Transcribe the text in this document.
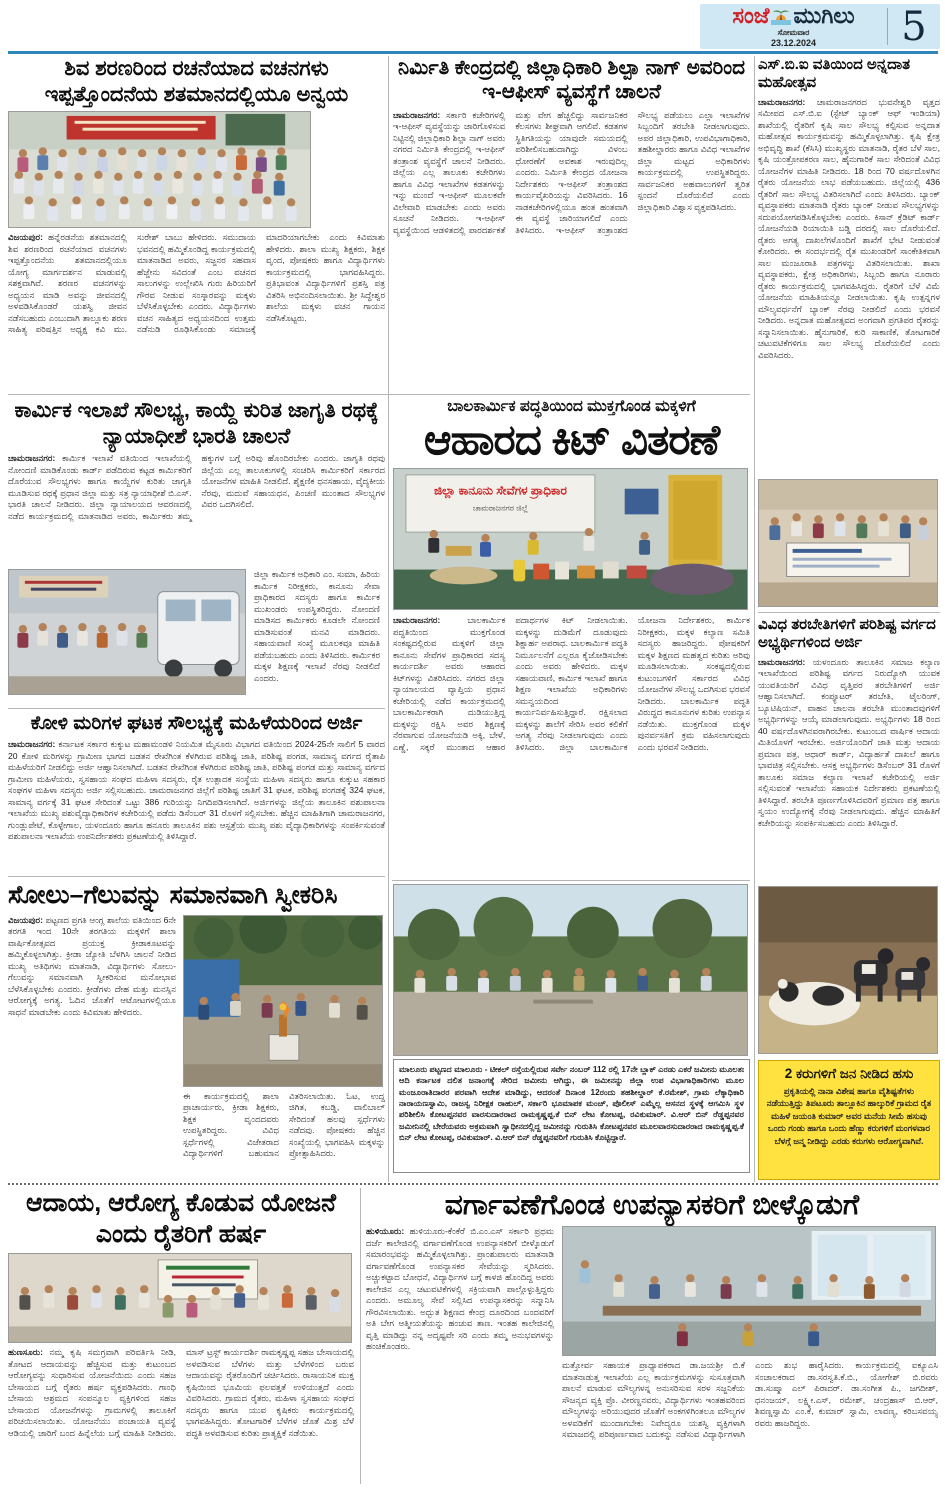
ಸಂಜೆ ಮುಗಿಲು
ಸೋಮವಾರ
23.12.2024	5
ಶಿವ ಶರಣರಿಂದ ರಚನೆಯಾದ ವಚನಗಳು ಇಪ್ಪತ್ತೊಂದನೆಯ ಶತಮಾನದಲ್ಲಿಯೂ ಅನ್ವಯ

ವಿಜಯಪುರ: ಹನ್ನೆರಡನೆಯ ಶತಮಾನದಲ್ಲಿ ಶಿವ ಶರಣರಿಂದ ರಚನೆಯಾದ ವಚನಗಳು ಇಪ್ಪತ್ತೊಂದನೆಯ ಶತಮಾನದಲ್ಲಿಯೂ ಯೋಗ್ಯ ಮಾರ್ಗದರ್ಶನ ಮಾಡುವಲ್ಲಿ ಸಶಕ್ತವಾಗಿವೆ. ಶರಣರ ವಚನಗಳನ್ನು ಅಧ್ಯಯನ ಮಾಡಿ ಅವನ್ನು ಜೀವನದಲ್ಲಿ ಅಳವಡಿಸಿಕೊಂಡರೆ ಯಶಸ್ವಿ ಜೀವನ ನಡೆಸಬಹುದು ಎಂಬುದಾಗಿ ತಾಲ್ಲೂಕು ಶರಣ ಸಾಹಿತ್ಯ ಪರಿಷತ್ತಿನ ಅಧ್ಯಕ್ಷ ಕವಿ ಮು. ಸುರೇಶ್ ಬಾಬು ಹೇಳಿದರು. ಸಮುದಾಯ ಭವನದಲ್ಲಿ ಹಮ್ಮಿಕೊಂಡಿದ್ದ ಕಾರ್ಯಕ್ರಮದಲ್ಲಿ ಮಾತನಾಡಿದ ಅವರು, ಸಜ್ಜನರ ಸಹವಾಸ ಹೆಜ್ಜೇನು ಸವಿದಂತೆ ಎಂಬ ವಚನದ ಸಾಲುಗಳನ್ನು ಉಲ್ಲೇಖಿಸಿ ಗುರು ಹಿರಿಯರಿಗೆ ಗೌರವ ನೀಡುವ ಸಂಸ್ಕಾರವನ್ನು ಮಕ್ಕಳು ಬೆಳೆಸಿಕೊಳ್ಳಬೇಕು ಎಂದರು. ವಿದ್ಯಾರ್ಥಿಗಳು ವಚನ ಸಾಹಿತ್ಯದ ಅಧ್ಯಯನದಿಂದ ಉತ್ತಮ ನಡೆನುಡಿ ರೂಢಿಸಿಕೊಂಡು ಸಮಾಜಕ್ಕೆ ಮಾದರಿಯಾಗಬೇಕು ಎಂದು ಕಿವಿಮಾತು ಹೇಳಿದರು. ಶಾಲಾ ಮುಖ್ಯ ಶಿಕ್ಷಕರು, ಶಿಕ್ಷಕ ವೃಂದ, ಪೋಷಕರು ಹಾಗೂ ವಿದ್ಯಾರ್ಥಿಗಳು ಕಾರ್ಯಕ್ರಮದಲ್ಲಿ ಭಾಗವಹಿಸಿದ್ದರು. ಪ್ರತಿಭಾವಂತ ವಿದ್ಯಾರ್ಥಿಗಳಿಗೆ ಪ್ರಶಸ್ತಿ ಪತ್ರ ವಿತರಿಸಿ ಅಭಿನಂದಿಸಲಾಯಿತು. ಶ್ರೀ ಸಿದ್ಧೇಶ್ವರ ಶಾಲೆಯ ಮಕ್ಕಳು ವಚನ ಗಾಯನ ನಡೆಸಿಕೊಟ್ಟರು.

ನಿರ್ಮಿತಿ ಕೇಂದ್ರದಲ್ಲಿ ಜಿಲ್ಲಾಧಿಕಾರಿ ಶಿಲ್ಪಾ ನಾಗ್ ಅವರಿಂದ ಇ-ಆಫೀಸ್ ವ್ಯವಸ್ಥೆಗೆ ಚಾಲನೆ

ಚಾಮರಾಜನಗರ: ಸರ್ಕಾರಿ ಕಚೇರಿಗಳಲ್ಲಿ ಇ-ಆಫೀಸ್ ವ್ಯವಸ್ಥೆಯನ್ನು ಜಾರಿಗೊಳಿಸುವ ನಿಟ್ಟಿನಲ್ಲಿ ಜಿಲ್ಲಾಧಿಕಾರಿ ಶಿಲ್ಪಾ ನಾಗ್ ಅವರು ನಗರದ ನಿರ್ಮಿತಿ ಕೇಂದ್ರದಲ್ಲಿ ಇ-ಆಫೀಸ್ ತಂತ್ರಾಂಶ ವ್ಯವಸ್ಥೆಗೆ ಚಾಲನೆ ನೀಡಿದರು. ಜಿಲ್ಲೆಯ ಎಲ್ಲ ತಾಲೂಕು ಕಚೇರಿಗಳು ಹಾಗೂ ವಿವಿಧ ಇಲಾಖೆಗಳ ಕಡತಗಳನ್ನು ಇನ್ನು ಮುಂದೆ ಇ-ಆಫೀಸ್ ಮೂಲಕವೇ ವಿಲೇವಾರಿ ಮಾಡಬೇಕು ಎಂದು ಅವರು ಸೂಚನೆ ನೀಡಿದರು. ಇ-ಆಫೀಸ್ ವ್ಯವಸ್ಥೆಯಿಂದ ಆಡಳಿತದಲ್ಲಿ ಪಾರದರ್ಶಕತೆ ಮತ್ತು ವೇಗ ಹೆಚ್ಚಲಿದ್ದು ಸಾರ್ವಜನಿಕರ ಕೆಲಸಗಳು ಶೀಘ್ರವಾಗಿ ಆಗಲಿವೆ. ಕಡತಗಳ ಸ್ಥಿತಿಗತಿಯನ್ನು ಯಾವುದೇ ಸಮಯದಲ್ಲಿ ಪರಿಶೀಲಿಸಬಹುದಾಗಿದ್ದು ವಿಳಂಬ ಧೋರಣೆಗೆ ಅವಕಾಶ ಇರುವುದಿಲ್ಲ ಎಂದರು. ನಿರ್ಮಿತಿ ಕೇಂದ್ರದ ಯೋಜನಾ ನಿರ್ದೇಶಕರು ಇ-ಆಫೀಸ್ ತಂತ್ರಾಂಶದ ಕಾರ್ಯವೈಖರಿಯನ್ನು ವಿವರಿಸಿದರು. 16 ನಾಡಕಚೇರಿಗಳಲ್ಲಿಯೂ ಹಂತ ಹಂತವಾಗಿ ಈ ವ್ಯವಸ್ಥೆ ಜಾರಿಯಾಗಲಿದೆ ಎಂದು ತಿಳಿಸಿದರು. ಇ-ಆಫೀಸ್ ತಂತ್ರಾಂಶದ ಸೌಲಭ್ಯ ಪಡೆಯಲು ಎಲ್ಲಾ ಇಲಾಖೆಗಳ ಸಿಬ್ಬಂದಿಗೆ ತರಬೇತಿ ನೀಡಲಾಗುವುದು. ಅಪರ ಜಿಲ್ಲಾಧಿಕಾರಿ, ಉಪವಿಭಾಗಾಧಿಕಾರಿ, ತಹಶೀಲ್ದಾರರು ಹಾಗೂ ವಿವಿಧ ಇಲಾಖೆಗಳ ಜಿಲ್ಲಾ ಮಟ್ಟದ ಅಧಿಕಾರಿಗಳು ಕಾರ್ಯಕ್ರಮದಲ್ಲಿ ಉಪಸ್ಥಿತರಿದ್ದರು. ಸಾರ್ವಜನಿಕರ ಅಹವಾಲುಗಳಿಗೆ ತ್ವರಿತ ಸ್ಪಂದನೆ ದೊರೆಯಲಿದೆ ಎಂದು ಜಿಲ್ಲಾಧಿಕಾರಿ ವಿಶ್ವಾಸ ವ್ಯಕ್ತಪಡಿಸಿದರು.

ಎಸ್.ಬಿ.ಐ ವತಿಯಿಂದ ಅನ್ನದಾತ ಮಹೋತ್ಸವ

ಚಾಮರಾಜನಗರ: ಚಾಮರಾಜನಗರದ ಭುವನೇಶ್ವರಿ ವೃತ್ತದ ಸಮೀಪದ ಎಸ್.ಬಿ.ಐ (ಸ್ಟೇಟ್ ಬ್ಯಾಂಕ್ ಆಫ್ ಇಂಡಿಯಾ) ಶಾಖೆಯಲ್ಲಿ ರೈತರಿಗೆ ಕೃಷಿ ಸಾಲ ಸೌಲಭ್ಯ ಕಲ್ಪಿಸುವ ಅನ್ನದಾತ ಮಹೋತ್ಸವ ಕಾರ್ಯಕ್ರಮವನ್ನು ಹಮ್ಮಿಕೊಳ್ಳಲಾಗಿತ್ತು. ಕೃಷಿ ಕ್ಷೇತ್ರ ಅಭಿವೃದ್ಧಿ ಶಾಖೆ (ಕೆಸಿಸಿ) ಮುಖ್ಯಸ್ಥರು ಮಾತನಾಡಿ, ರೈತರ ಬೆಳೆ ಸಾಲ, ಕೃಷಿ ಯಂತ್ರೋಪಕರಣ ಸಾಲ, ಹೈನುಗಾರಿಕೆ ಸಾಲ ಸೇರಿದಂತೆ ವಿವಿಧ ಯೋಜನೆಗಳ ಮಾಹಿತಿ ನೀಡಿದರು. 18 ರಿಂದ 70 ವರ್ಷದೊಳಗಿನ ರೈತರು ಯೋಜನೆಯ ಲಾಭ ಪಡೆಯಬಹುದು. ಜಿಲ್ಲೆಯಲ್ಲಿ 436 ರೈತರಿಗೆ ಸಾಲ ಸೌಲಭ್ಯ ವಿತರಿಸಲಾಗಿದೆ ಎಂದು ತಿಳಿಸಿದರು. ಬ್ಯಾಂಕ್ ವ್ಯವಸ್ಥಾಪಕರು ಮಾತನಾಡಿ ರೈತರು ಬ್ಯಾಂಕ್ ನೀಡುವ ಸೌಲಭ್ಯಗಳನ್ನು ಸದುಪಯೋಗಪಡಿಸಿಕೊಳ್ಳಬೇಕು ಎಂದರು. ಕಿಸಾನ್ ಕ್ರೆಡಿಟ್ ಕಾರ್ಡ್ ಯೋಜನೆಯಡಿ ರಿಯಾಯಿತಿ ಬಡ್ಡಿ ದರದಲ್ಲಿ ಸಾಲ ದೊರೆಯಲಿದೆ. ರೈತರು ಅಗತ್ಯ ದಾಖಲೆಗಳೊಂದಿಗೆ ಶಾಖೆಗೆ ಭೇಟಿ ನೀಡುವಂತೆ ಕೋರಿದರು. ಈ ಸಂದರ್ಭದಲ್ಲಿ ರೈತ ಮುಖಂಡರಿಗೆ ಸಾಂಕೇತಿಕವಾಗಿ ಸಾಲ ಮಂಜೂರಾತಿ ಪತ್ರಗಳನ್ನು ವಿತರಿಸಲಾಯಿತು. ಶಾಖಾ ವ್ಯವಸ್ಥಾಪಕರು, ಕ್ಷೇತ್ರ ಅಧಿಕಾರಿಗಳು, ಸಿಬ್ಬಂದಿ ಹಾಗೂ ನೂರಾರು ರೈತರು ಕಾರ್ಯಕ್ರಮದಲ್ಲಿ ಭಾಗವಹಿಸಿದ್ದರು. ರೈತರಿಗೆ ಬೆಳೆ ವಿಮೆ ಯೋಜನೆಯ ಮಾಹಿತಿಯನ್ನೂ ನೀಡಲಾಯಿತು. ಕೃಷಿ ಉತ್ಪನ್ನಗಳ ಮೌಲ್ಯವರ್ಧನೆಗೆ ಬ್ಯಾಂಕ್ ನೆರವು ನೀಡಲಿದೆ ಎಂದು ಭರವಸೆ ನೀಡಿದರು. ಅನ್ನದಾತ ಮಹೋತ್ಸವದ ಅಂಗವಾಗಿ ಪ್ರಗತಿಪರ ರೈತರನ್ನು ಸನ್ಮಾನಿಸಲಾಯಿತು. ಹೈನುಗಾರಿಕೆ, ಕುರಿ ಸಾಕಾಣಿಕೆ, ತೋಟಗಾರಿಕೆ ಚಟುವಟಿಕೆಗಳಿಗೂ ಸಾಲ ಸೌಲಭ್ಯ ದೊರೆಯಲಿದೆ ಎಂದು ವಿವರಿಸಿದರು.

ಕಾರ್ಮಿಕ ಇಲಾಖೆ ಸೌಲಭ್ಯ, ಕಾಯ್ದೆ ಕುರಿತ ಜಾಗೃತಿ ರಥಕ್ಕೆ ನ್ಯಾಯಾಧೀಶೆ ಭಾರತಿ ಚಾಲನೆ

ಚಾಮರಾಜನಗರ: ಕಾರ್ಮಿಕ ಇಲಾಖೆ ವತಿಯಿಂದ ಇಲಾಖೆಯಲ್ಲಿ ನೋಂದಣಿ ಮಾಡಿಕೊಂಡು ಕಾರ್ಡ್ ಪಡೆದಿರುವ ಕಟ್ಟಡ ಕಾರ್ಮಿಕರಿಗೆ ದೊರೆಯುವ ಸೌಲಭ್ಯಗಳು ಹಾಗೂ ಕಾಯ್ದೆಗಳ ಕುರಿತು ಜಾಗೃತಿ ಮೂಡಿಸುವ ರಥಕ್ಕೆ ಪ್ರಧಾನ ಜಿಲ್ಲಾ ಮತ್ತು ಸತ್ರ ನ್ಯಾಯಾಧೀಶೆ ಬಿ.ಎಸ್. ಭಾರತಿ ಚಾಲನೆ ನೀಡಿದರು. ಜಿಲ್ಲಾ ನ್ಯಾಯಾಲಯದ ಆವರಣದಲ್ಲಿ ನಡೆದ ಕಾರ್ಯಕ್ರಮದಲ್ಲಿ ಮಾತನಾಡಿದ ಅವರು, ಕಾರ್ಮಿಕರು ತಮ್ಮ ಹಕ್ಕುಗಳ ಬಗ್ಗೆ ಅರಿವು ಹೊಂದಿರಬೇಕು ಎಂದರು. ಜಾಗೃತಿ ರಥವು ಜಿಲ್ಲೆಯ ಎಲ್ಲ ತಾಲೂಕುಗಳಲ್ಲಿ ಸಂಚರಿಸಿ ಕಾರ್ಮಿಕರಿಗೆ ಸರ್ಕಾರದ ಯೋಜನೆಗಳ ಮಾಹಿತಿ ನೀಡಲಿದೆ. ಶೈಕ್ಷಣಿಕ ಧನಸಹಾಯ, ವೈದ್ಯಕೀಯ ನೆರವು, ಮದುವೆ ಸಹಾಯಧನ, ಪಿಂಚಣಿ ಮುಂತಾದ ಸೌಲಭ್ಯಗಳ ವಿವರ ಒದಗಿಸಲಿದೆ.

ಜಿಲ್ಲಾ ಕಾರ್ಮಿಕ ಅಧಿಕಾರಿ ಎಂ. ಸುಮಾ, ಹಿರಿಯ ಕಾರ್ಮಿಕ ನಿರೀಕ್ಷಕರು, ಕಾನೂನು ಸೇವಾ ಪ್ರಾಧಿಕಾರದ ಸದಸ್ಯರು ಹಾಗೂ ಕಾರ್ಮಿಕ ಮುಖಂಡರು ಉಪಸ್ಥಿತರಿದ್ದರು. ನೋಂದಣಿ ಮಾಡಿಸದ ಕಾರ್ಮಿಕರು ಕೂಡಲೇ ನೋಂದಣಿ ಮಾಡಿಸುವಂತೆ ಮನವಿ ಮಾಡಿದರು. ಸಹಾಯವಾಣಿ ಸಂಖ್ಯೆ ಮೂಲಕವೂ ಮಾಹಿತಿ ಪಡೆಯಬಹುದು ಎಂದು ತಿಳಿಸಿದರು. ಕಾರ್ಮಿಕರ ಮಕ್ಕಳ ಶಿಕ್ಷಣಕ್ಕೆ ಇಲಾಖೆ ನೆರವು ನೀಡಲಿದೆ ಎಂದರು.

ಬಾಲಕಾರ್ಮಿಕ ಪದ್ಧತಿಯಿಂದ ಮುಕ್ತಗೊಂಡ ಮಕ್ಕಳಿಗೆ

ಆಹಾರದ ಕಿಟ್ ವಿತರಣೆ
ಜಿಲ್ಲಾ ಕಾನೂನು ಸೇವೆಗಳ ಪ್ರಾಧಿಕಾರ
ಚಾಮರಾಜನಗರ ಜಿಲ್ಲೆ

ಚಾಮರಾಜನಗರ:	ಬಾಲಕಾರ್ಮಿಕ ಪದ್ಧತಿಯಿಂದ ಮುಕ್ತಗೊಂಡ ಸಂಕಷ್ಟದಲ್ಲಿರುವ ಮಕ್ಕಳಿಗೆ ಜಿಲ್ಲಾ ಕಾನೂನು ಸೇವೆಗಳ ಪ್ರಾಧಿಕಾರದ ಸದಸ್ಯ ಕಾರ್ಯದರ್ಶಿ ಅವರು ಆಹಾರದ ಕಿಟ್‌ಗಳನ್ನು ವಿತರಿಸಿದರು. ನಗರದ ಜಿಲ್ಲಾ ನ್ಯಾಯಾಲಯದ ವ್ಯಾಪ್ತಿಯ ಪ್ರಧಾನ ಕಚೇರಿಯಲ್ಲಿ ನಡೆದ ಕಾರ್ಯಕ್ರಮದಲ್ಲಿ ಬಾಲಕಾರ್ಮಿಕರಾಗಿ ದುಡಿಯುತ್ತಿದ್ದ ಮಕ್ಕಳನ್ನು ರಕ್ಷಿಸಿ ಅವರ ಶಿಕ್ಷಣಕ್ಕೆ ನೆರವಾಗುವ ಯೋಜನೆಯಡಿ ಅಕ್ಕಿ, ಬೇಳೆ, ಎಣ್ಣೆ, ಸಕ್ಕರೆ ಮುಂತಾದ ಆಹಾರ ಪದಾರ್ಥಗಳ ಕಿಟ್ ನೀಡಲಾಯಿತು. ಮಕ್ಕಳನ್ನು ದುಡಿಮೆಗೆ ದೂಡುವುದು ಶಿಕ್ಷಾರ್ಹ ಅಪರಾಧ. ಬಾಲಕಾರ್ಮಿಕ ಪದ್ಧತಿ ನಿರ್ಮೂಲನೆಗೆ ಎಲ್ಲರೂ ಕೈಜೋಡಿಸಬೇಕು ಎಂದು ಅವರು ಹೇಳಿದರು. ಮಕ್ಕಳ ಸಹಾಯವಾಣಿ, ಕಾರ್ಮಿಕ ಇಲಾಖೆ ಹಾಗೂ ಶಿಕ್ಷಣ ಇಲಾಖೆಯ ಅಧಿಕಾರಿಗಳು ಸಮನ್ವಯದಿಂದ ಕಾರ್ಯನಿರ್ವಹಿಸುತ್ತಿದ್ದಾರೆ. ರಕ್ಷಿಸಲಾದ ಮಕ್ಕಳನ್ನು ಶಾಲೆಗೆ ಸೇರಿಸಿ ಅವರ ಕಲಿಕೆಗೆ ಅಗತ್ಯ ನೆರವು ನೀಡಲಾಗುವುದು ಎಂದು ತಿಳಿಸಿದರು. ಜಿಲ್ಲಾ ಬಾಲಕಾರ್ಮಿಕ ಯೋಜನಾ ನಿರ್ದೇಶಕರು, ಕಾರ್ಮಿಕ ನಿರೀಕ್ಷಕರು, ಮಕ್ಕಳ ಕಲ್ಯಾಣ ಸಮಿತಿ ಸದಸ್ಯರು ಹಾಜರಿದ್ದರು. ಪೋಷಕರಿಗೆ ಮಕ್ಕಳ ಶಿಕ್ಷಣದ ಮಹತ್ವದ ಕುರಿತು ಅರಿವು ಮೂಡಿಸಲಾಯಿತು. ಸಂಕಷ್ಟದಲ್ಲಿರುವ ಕುಟುಂಬಗಳಿಗೆ ಸರ್ಕಾರದ ವಿವಿಧ ಯೋಜನೆಗಳ ಸೌಲಭ್ಯ ಒದಗಿಸುವ ಭರವಸೆ ನೀಡಿದರು. ಬಾಲಕಾರ್ಮಿಕ ಪದ್ಧತಿ ವಿರುದ್ಧದ ಕಾನೂನುಗಳ ಕುರಿತು ಉಪನ್ಯಾಸ ನಡೆಯಿತು. ಮುಕ್ತಗೊಂಡ ಮಕ್ಕಳ ಪುನರ್ವಸತಿಗೆ ಕ್ರಮ ವಹಿಸಲಾಗುವುದು ಎಂದು ಭರವಸೆ ನೀಡಿದರು.

ಕೋಳಿ ಮರಿಗಳ ಘಟಕ ಸೌಲಭ್ಯಕ್ಕೆ ಮಹಿಳೆಯರಿಂದ ಅರ್ಜಿ

ಚಾಮರಾಜನಗರ: ಕರ್ನಾಟಕ ಸರ್ಕಾರ ಕುಕ್ಕುಟ ಮಹಾಮಂಡಳಿ ನಿಯಮಿತ ಮೈಸೂರು ವಿಭಾಗದ ವತಿಯಿಂದ 2024-25ನೇ ಸಾಲಿಗೆ 5 ವಾರದ 20 ಕೋಳಿ ಮರಿಗಳನ್ನು ಗ್ರಾಮೀಣ ಭಾಗದ ಬಡತನ ರೇಖೆಗಿಂತ ಕೆಳಗಿರುವ ಪರಿಶಿಷ್ಟ ಜಾತಿ, ಪರಿಶಿಷ್ಟ ಪಂಗಡ, ಸಾಮಾನ್ಯ ವರ್ಗದ ರೈತಾಪಿ ಮಹಿಳೆಯರಿಗೆ ನೀಡಲಿದ್ದು ಅರ್ಜಿ ಆಹ್ವಾನಿಸಲಾಗಿದೆ. ಬಡತನ ರೇಖೆಗಿಂತ ಕೆಳಗಿರುವ ಪರಿಶಿಷ್ಟ ಜಾತಿ, ಪರಿಶಿಷ್ಟ ಪಂಗಡ ಮತ್ತು ಸಾಮಾನ್ಯ ವರ್ಗದ ಗ್ರಾಮೀಣ ಮಹಿಳೆಯರು, ಸ್ವಸಹಾಯ ಸಂಘದ ಮಹಿಳಾ ಸದಸ್ಯರು, ರೈತ ಉತ್ಪಾದಕ ಸಂಸ್ಥೆಯ ಮಹಿಳಾ ಸದಸ್ಯರು ಹಾಗೂ ಕುಕ್ಕುಟ ಸಹಕಾರ ಸಂಘಗಳ ಮಹಿಳಾ ಸದಸ್ಯರು ಅರ್ಜಿ ಸಲ್ಲಿಸಬಹುದು. ಚಾಮರಾಜನಗರ ಜಿಲ್ಲೆಗೆ ಪರಿಶಿಷ್ಟ ಜಾತಿಗೆ 31 ಘಟಕ, ಪರಿಶಿಷ್ಟ ಪಂಗಡಕ್ಕೆ 324 ಘಟಕ, ಸಾಮಾನ್ಯ ವರ್ಗಕ್ಕೆ 31 ಘಟಕ ಸೇರಿದಂತೆ ಒಟ್ಟು 386 ಗುರಿಯನ್ನು ನಿಗದಿಪಡಿಸಲಾಗಿದೆ. ಅರ್ಜಿಗಳನ್ನು ಜಿಲ್ಲೆಯ ತಾಲೂಕಿನ ಪಶುಪಾಲನಾ ಇಲಾಖೆಯ ಮುಖ್ಯ ಪಶುವೈದ್ಯಾಧಿಕಾರಿಗಳ ಕಚೇರಿಯಲ್ಲಿ ಪಡೆದು ಡಿಸೆಂಬರ್ 31 ರೊಳಗೆ ಸಲ್ಲಿಸಬೇಕು. ಹೆಚ್ಚಿನ ಮಾಹಿತಿಗಾಗಿ ಚಾಮರಾಜನಗರ, ಗುಂಡ್ಲುಪೇಟೆ, ಕೊಳ್ಳೇಗಾಲ, ಯಳಂದೂರು ಹಾಗೂ ಹನೂರು ತಾಲೂಕಿನ ಪಶು ಆಸ್ಪತ್ರೆಯ ಮುಖ್ಯ ಪಶು ವೈದ್ಯಾಧಿಕಾರಿಗಳನ್ನು ಸಂಪರ್ಕಿಸುವಂತೆ ಪಶುಪಾಲನಾ ಇಲಾಖೆಯ ಉಪನಿರ್ದೇಶಕರು ಪ್ರಕಟಣೆಯಲ್ಲಿ ತಿಳಿಸಿದ್ದಾರೆ.

ಸೋಲು–ಗೆಲುವನ್ನು ಸಮಾನವಾಗಿ ಸ್ವೀಕರಿಸಿ

ವಿಜಯಪುರ: ಪಟ್ಟಣದ ಪ್ರಗತಿ ಆಂಗ್ಲ ಶಾಲೆಯ ವತಿಯಿಂದ 6ನೇ ತರಗತಿ ಇಂದ 10ನೇ ತರಗತಿಯ ಮಕ್ಕಳಿಗೆ ಶಾಲಾ ವಾರ್ಷಿಕೋತ್ಸವದ ಪ್ರಯುಕ್ತ ಕ್ರೀಡಾಕೂಟವನ್ನು ಹಮ್ಮಿಕೊಳ್ಳಲಾಗಿತ್ತು. ಕ್ರೀಡಾ ಜ್ಯೋತಿ ಬೆಳಗಿಸಿ ಚಾಲನೆ ನೀಡಿದ ಮುಖ್ಯ ಅತಿಥಿಗಳು ಮಾತನಾಡಿ, ವಿದ್ಯಾರ್ಥಿಗಳು ಸೋಲು-ಗೆಲುವನ್ನು ಸಮಾನವಾಗಿ ಸ್ವೀಕರಿಸುವ ಮನೋಭಾವ ಬೆಳೆಸಿಕೊಳ್ಳಬೇಕು ಎಂದರು. ಕ್ರೀಡೆಗಳು ದೇಹ ಮತ್ತು ಮನಸ್ಸಿನ ಆರೋಗ್ಯಕ್ಕೆ ಅಗತ್ಯ. ಓದಿನ ಜೊತೆಗೆ ಆಟೋಟಗಳಲ್ಲಿಯೂ ಸಾಧನೆ ಮಾಡಬೇಕು ಎಂದು ಕಿವಿಮಾತು ಹೇಳಿದರು.

ಈ ಕಾರ್ಯಕ್ರಮದಲ್ಲಿ ಶಾಲಾ ಪ್ರಾಚಾರ್ಯರು, ಕ್ರೀಡಾ ಶಿಕ್ಷಕರು, ಶಿಕ್ಷಕ ವೃಂದದವರು ಉಪಸ್ಥಿತರಿದ್ದರು. ವಿವಿಧ ಸ್ಪರ್ಧೆಗಳಲ್ಲಿ ವಿಜೇತರಾದ ವಿದ್ಯಾರ್ಥಿಗಳಿಗೆ ಬಹುಮಾನ ವಿತರಿಸಲಾಯಿತು. ಓಟ, ಉದ್ದ ಜಿಗಿತ, ಕಬಡ್ಡಿ, ವಾಲಿಬಾಲ್ ಸೇರಿದಂತೆ ಹಲವು ಸ್ಪರ್ಧೆಗಳು ನಡೆದವು. ಪೋಷಕರು ಹೆಚ್ಚಿನ ಸಂಖ್ಯೆಯಲ್ಲಿ ಭಾಗವಹಿಸಿ ಮಕ್ಕಳನ್ನು ಪ್ರೋತ್ಸಾಹಿಸಿದರು.

ಮಾಲೂರು ಪಟ್ಟಣದ ಮಾಲೂರು - ಟೀಕಲ್ ರಸ್ತೆಯಲ್ಲಿರುವ ಸರ್ವೇ ನಂಬರ್ 112 ರಲ್ಲಿ 17ನೇ ಬ್ಲಾಕ್ ಎರಡು ಎಕರೆ ಜಮೀನು ಮೂಲತಃ ಆದಿ ಕರ್ನಾಟಕ ದಲಿತ ಜನಾಂಗಕ್ಕೆ ಸೇರಿದ ಜಮೀನು ಆಗಿದ್ದು, ಈ ಜಮೀನನ್ನು ಜಿಲ್ಲಾ ಉಪ ವಿಭಾಗಾಧಿಕಾರಿಗಳು ಮೂಲ ಮಂಜೂರಾತಿದಾರರ ಪರವಾಗಿ ಆದೇಶ ಮಾಡಿದ್ದು, ಆದರಂತೆ ದಿನಾಂಕ 12ರಂದು ತಹಶೀಲ್ದಾರ್ ಕೆ.ರಮೇಶ್, ಗ್ರಾಮ ಲೆಕ್ಕಾಧಿಕಾರಿ ನಾರಾಯಣಸ್ವಾಮಿ, ರಾಜಸ್ವ ನಿರೀಕ್ಷಕ ರಾಹುಲ್, ಸರ್ಕಾರಿ ಭೂಮಾಪಕ ಮಂಚ್, ಪೊಲೀಸ್ ಎಮ್ಮೆಲ್ಲ ಆಸನದ ಸ್ಥಳಕ್ಕೆ ಆಗಮಿಸಿ ಸ್ಥಳ ಪರಿಶೀಲಿಸಿ ಕೋಟಪ್ಪನವರ ವಾರಸುದಾರರಾದ ರಾಮಕೃಷ್ಣಪ್ಪ.ಕೆ ಬಿನ್ ಲೇಟ ಕೋಟಪ್ಪ, ರವಿಕುಮಾರ್. ವಿ.ಆರ್ ಬಿನ್ ರೆಡ್ಡಪ್ಪನವರ ಜಮೀನಿನಲ್ಲಿ ಬೇರೆಯವರು ಅಕ್ರಮವಾಗಿ ಸ್ವಾಧೀನದಲ್ಲಿದ್ದ ಜಮೀನನ್ನು ಗುರುತಿಸಿ ಕೋಟಪ್ಪನವರ ಮೂಲವಾರಸುದಾರರಾದ ರಾಮಕೃಷ್ಣಪ್ಪ.ಕೆ ಬಿನ್ ಲೇಟ ಕೋಟಪ್ಪ, ರವಿಕುಮಾರ್. ವಿ.ಆರ್ ಬಿನ್ ರೆಡ್ಡಪ್ಪನವರಿಗೆ ಗುರುತಿಸಿ ಕೊಟ್ಟಿದ್ದಾರೆ.

ವಿವಿಧ ತರಬೇತಿಗಳಿಗೆ ಪರಿಶಿಷ್ಟ ವರ್ಗದ ಅಭ್ಯರ್ಥಿಗಳಿಂದ ಅರ್ಜಿ

ಚಾಮರಾಜನಗರ: ಯಳಂದೂರು ತಾಲೂಕಿನ ಸಮಾಜ ಕಲ್ಯಾಣ ಇಲಾಖೆಯಿಂದ ಪರಿಶಿಷ್ಟ ವರ್ಗದ ನಿರುದ್ಯೋಗಿ ಯುವಕ ಯುವತಿಯರಿಗೆ ವಿವಿಧ ವೃತ್ತಿಪರ ತರಬೇತಿಗಳಿಗೆ ಅರ್ಜಿ ಆಹ್ವಾನಿಸಲಾಗಿದೆ. ಕಂಪ್ಯೂಟರ್ ತರಬೇತಿ, ಟೈಲರಿಂಗ್, ಬ್ಯೂಟಿಷಿಯನ್, ವಾಹನ ಚಾಲನಾ ತರಬೇತಿ ಮುಂತಾದವುಗಳಿಗೆ ಅಭ್ಯರ್ಥಿಗಳನ್ನು ಆಯ್ಕೆ ಮಾಡಲಾಗುವುದು. ಅಭ್ಯರ್ಥಿಗಳು 18 ರಿಂದ 40 ವರ್ಷದೊಳಗಿನವರಾಗಿರಬೇಕು. ಕುಟುಂಬದ ವಾರ್ಷಿಕ ಆದಾಯ ಮಿತಿಯೊಳಗೆ ಇರಬೇಕು. ಅರ್ಜಿಯೊಂದಿಗೆ ಜಾತಿ ಮತ್ತು ಆದಾಯ ಪ್ರಮಾಣ ಪತ್ರ, ಆಧಾರ್ ಕಾರ್ಡ್, ವಿದ್ಯಾರ್ಹತೆ ದಾಖಲೆ ಹಾಗೂ ಭಾವಚಿತ್ರ ಸಲ್ಲಿಸಬೇಕು. ಆಸಕ್ತ ಅಭ್ಯರ್ಥಿಗಳು ಡಿಸೆಂಬರ್ 31 ರೊಳಗೆ ತಾಲೂಕು ಸಮಾಜ ಕಲ್ಯಾಣ ಇಲಾಖೆ ಕಚೇರಿಯಲ್ಲಿ ಅರ್ಜಿ ಸಲ್ಲಿಸುವಂತೆ ಇಲಾಖೆಯ ಸಹಾಯಕ ನಿರ್ದೇಶಕರು ಪ್ರಕಟಣೆಯಲ್ಲಿ ತಿಳಿಸಿದ್ದಾರೆ. ತರಬೇತಿ ಪೂರ್ಣಗೊಳಿಸಿದವರಿಗೆ ಪ್ರಮಾಣ ಪತ್ರ ಹಾಗೂ ಸ್ವಯಂ ಉದ್ಯೋಗಕ್ಕೆ ನೆರವು ನೀಡಲಾಗುವುದು. ಹೆಚ್ಚಿನ ಮಾಹಿತಿಗೆ ಕಚೇರಿಯನ್ನು ಸಂಪರ್ಕಿಸಬಹುದು ಎಂದು ತಿಳಿಸಿದ್ದಾರೆ.

2 ಕರುಗಳಿಗೆ ಜನ ನೀಡಿದ ಹಸು

ಪ್ರಕೃತಿಯಲ್ಲಿ ನಾನಾ ವಿಶೇಷ ಹಾಗೂ ವೈಶಿಷ್ಟತೆಗಳು ನಡೆಯುತ್ತಿದ್ದು ತಿಪಟೂರು ತಾಲ್ಲೂಕಿನ ಹಾಲ್ಕುರಿಕೆ ಗ್ರಾಮದ ರೈತ ಮಹಿಳೆ ಜಯಂತಿ ಕುಮಾರ್ ಅವರ ಮನೆಯ ಸೀಮೆ ಹಸುವು ಒಂದು ಗಂಡು ಹಾಗೂ ಒಂದು ಹೆಣ್ಣು ಕರುಗಳಿಗೆ ಮಂಗಳವಾರ ಬೆಳಗ್ಗೆ ಜನ್ಮ ನೀಡಿದ್ದು ಎರಡು ಕರುಗಳು ಆರೋಗ್ಯವಾಗಿವೆ.

ಆದಾಯ, ಆರೋಗ್ಯ ಕೊಡುವ ಯೋಜನೆ ಎಂದು ರೈತರಿಗೆ ಹರ್ಷ

ಹುಣಸೂರು: ನಮ್ಮ ಕೃಷಿ ಸಮಗ್ರವಾಗಿ ಪರಿವರ್ತಿಸಿ ನೀಡಿ, ತೋಟದ ಆದಾಯವನ್ನು ಹೆಚ್ಚಿಸುವ ಮತ್ತು ಕುಟುಂಬದ ಆರೋಗ್ಯವನ್ನು ಸುಧಾರಿಸುವ ಯೋಜನೆಯಿದು ಎಂದು ಸಹಜ ಬೇಸಾಯದ ಬಗ್ಗೆ ರೈತರು ಹರ್ಷ ವ್ಯಕ್ತಪಡಿಸಿದರು. ಗಾಂಧಿ ಬೇಸಾಯ ಆಶ್ರಮದ ಸಂಪನ್ಮೂಲ ವ್ಯಕ್ತಿಗಳಿಂದ ಸಹಜ ಬೇಸಾಯದ ಯೋಜನೆಗಳನ್ನು ಗ್ರಾಮಗಳಲ್ಲಿ ತಾಲೂಕಿಗೆ ಪರಿಚಯಿಸಲಾಯಿತು. ಯೋಜನೆಯು ಪಂಚಾಯತಿ ವ್ಯವಸ್ಥೆ ಆಡಿಯಲ್ಲಿ ಜಾರಿಗೆ ಬಂದ ಹಿನ್ನೆಲೆಯ ಬಗ್ಗೆ ಮಾಹಿತಿ ನೀಡಿದರು. ಮಾಸ್ ಟ್ರಸ್ಟ್ ಕಾರ್ಯದರ್ಶಿ ರಾಮಕೃಷ್ಣಪ್ಪ ಸಹಜ ಬೇಸಾಯದಲ್ಲಿ ಅಳವಡಿಸುವ ಬೆಳೆಗಳು ಮತ್ತು ಬೆಳೆಗಳಿಂದ ಬರುವ ಆದಾಯವನ್ನು ರೈತರೊಂದಿಗೆ ಚರ್ಚಿಸಿದರು. ರಾಸಾಯನಿಕ ಮುಕ್ತ ಕೃಷಿಯಿಂದ ಭೂಮಿಯ ಫಲವತ್ತತೆ ಉಳಿಯುತ್ತದೆ ಎಂದು ವಿವರಿಸಿದರು. ಗ್ರಾಮದ ರೈತರು, ಮಹಿಳಾ ಸ್ವಸಹಾಯ ಸಂಘದ ಸದಸ್ಯರು ಹಾಗೂ ಯುವ ಕೃಷಿಕರು ಕಾರ್ಯಕ್ರಮದಲ್ಲಿ ಭಾಗವಹಿಸಿದ್ದರು. ತೋಟಗಾರಿಕೆ ಬೆಳೆಗಳ ಜೊತೆ ಮಿಶ್ರ ಬೆಳೆ ಪದ್ಧತಿ ಅಳವಡಿಸುವ ಕುರಿತು ಪ್ರಾತ್ಯಕ್ಷಿಕೆ ನಡೆಯಿತು.

ವರ್ಗಾವಣೆಗೊಂಡ ಉಪನ್ಯಾಸಕರಿಗೆ ಬೀಳ್ಕೊಡುಗೆ

ಹುಳಿಯೂರು: ಹುಳಿಯೂರು-ಕೆಂಕೆರೆ ಬಿ.ಎಂ.ಎಸ್ ಸರ್ಕಾರಿ ಪ್ರಥಮ ದರ್ಜೆ ಕಾಲೇಜಿನಲ್ಲಿ ವರ್ಗಾವಣೆಗೊಂಡ ಉಪನ್ಯಾಸಕರಿಗೆ ಬೀಳ್ಕೊಡುಗೆ ಸಮಾರಂಭವನ್ನು ಹಮ್ಮಿಕೊಳ್ಳಲಾಗಿತ್ತು. ಪ್ರಾಂಶುಪಾಲರು ಮಾತನಾಡಿ ವರ್ಗಾವಣೆಗೊಂಡ ಉಪನ್ಯಾಸಕರ ಸೇವೆಯನ್ನು ಸ್ಮರಿಸಿದರು. ಅಚ್ಚುಕಟ್ಟಾದ ಬೋಧನೆ, ವಿದ್ಯಾರ್ಥಿಗಳ ಬಗ್ಗೆ ಕಾಳಜಿ ಹೊಂದಿದ್ದ ಅವರು ಕಾಲೇಜಿನ ಎಲ್ಲ ಚಟುವಟಿಕೆಗಳಲ್ಲಿ ಸಕ್ರಿಯವಾಗಿ ಪಾಲ್ಗೊಳ್ಳುತ್ತಿದ್ದರು ಎಂದರು. ಅಮೂಲ್ಯ ಸೇವೆ ಸಲ್ಲಿಸಿದ ಉಪನ್ಯಾಸಕರನ್ನು ಸನ್ಮಾನಿಸಿ ಗೌರವಿಸಲಾಯಿತು. ಅದ್ಭುತ ಶಿಕ್ಷಣದ ಕೇಂದ್ರ ದೂರದಿಂದ ಬಂದವರಿಗೆ ಅತಿ ಬೇಗ ಆತ್ಮೀಯತೆಯನ್ನು ಹಂಚುವ ತಾಣ. ಇಂತಹ ಕಾಲೇಜಿನಲ್ಲಿ ವೃತ್ತಿ ಮಾಡಿದ್ದು ನನ್ನ ಅದೃಷ್ಟವೇ ಸರಿ ಎಂದು ತಮ್ಮ ಅನುಭವಗಳನ್ನು ಹಂಚಿಕೊಂಡರು.

ಮತ್ತೋರ್ವ ಸಹಾಯಕ ಪ್ರಾಧ್ಯಾಪಕರಾದ ಡಾ.ಜಯಶ್ರೀ ಬಿ.ಕೆ ಮಾತನಾಡುತ್ತ ಇಲಾಖೆಯ ಎಲ್ಲ ಕಾರ್ಯಕ್ರಮಗಳನ್ನು ಸುಸೂತ್ರವಾಗಿ ಪಾಲನೆ ಮಾಡುವ ಮೌಲ್ಯಗಳನ್ನ ಅನುಸರಿಸುವ ಸರಳ ಸಜ್ಜನಿಕೆಯ ಸೌಜನ್ಯದ ವ್ಯಕ್ತಿ ಪ್ರೊ. ವೀರಣ್ಣನವರು, ವಿದ್ಯಾರ್ಥಿಗಳು ಇಂತಹವರಿಂದ ಮೌಲ್ಯಗಳನ್ನು ಅರಿಯುವುದರ ಜೊತೆಗೆ ಅಂಕಗಳಿಗಿಂತಲೂ ಮೌಲ್ಯಗಳ ಅಳವಡಿಕೆಗೆ ಮುಂದಾಗಬೇಕು ನಿವೇದ್ಯರೂ ಯಶಸ್ವಿ ವ್ಯಕ್ತಿಗಳಾಗಿ ಸಮಾಜದಲ್ಲಿ ಪರಿಪೂರ್ಣವಾದ ಬದುಕನ್ನು ನಡೆಸುವ ವಿದ್ಯಾರ್ಥಿಗಳಾಗಿ ಎಂದು ಶುಭ ಹಾರೈಸಿದರು. ಕಾರ್ಯಕ್ರಮದಲ್ಲಿ ಐಕ್ಯೂಎಸಿ ಸಂಚಾಲಕರಾದ ಡಾ.ಸರಸ್ವತಿ.ಕೆ.ಬಿ., ಯೋಗೇಶ್ ಬಿ.ರವರು ಡಾ.ಸುಷ್ಮಾ ಎಲ್ ಪಿರಾದರ್. ಡಾ.ಸಂಗೀತ ಪಿ., ಜಗದೀಶ್, ಧನಂಜಯ್, ಲಕ್ಷ್ಮೀ.ಎಸ್, ರಮೇಶ್, ಚಂದ್ರಹಾಸ್ ಬಿ.ಆರ್, ಶಿವಣ್ಣಸ್ವಾಮಿ ಎಂ.ಕೆ, ಕುಮಾರ್ ಸ್ವಾಮಿ, ಲಾವಣ್ಯ, ಕರಿಬಸವಯ್ಯ ರವರು ಹಾಜರಿದ್ದರು.
